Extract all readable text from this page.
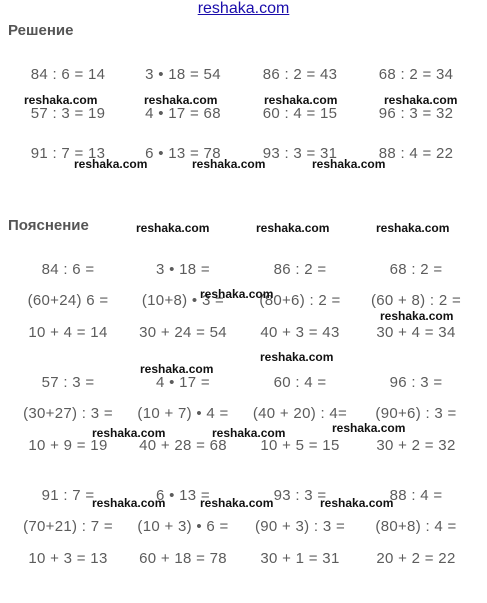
reshaka.com
Решение
Пояснение
84 : 6 = 14	3 • 18 = 54	86 : 2 = 43	68 : 2 = 34
57 : 3 = 19	4 • 17 = 68	60 : 4 = 15	96 : 3 = 32
91 : 7 = 13	6 • 13 = 78	93 : 3 = 31	88 : 4 = 22
84 : 6 =	3 • 18 =	86 : 2 =	68 : 2 =
(60+24) 6 =	(10+8) • 3 =	(80+6) : 2 =	(60 + 8) : 2 =
10 + 4 = 14	30 + 24 = 54	40 + 3 = 43	30 + 4 = 34
57 : 3 =	4 • 17 =	60 : 4 =	96 : 3 =
(30+27) : 3 =	(10 + 7) • 4 =	(40 + 20) : 4=	(90+6) : 3 =
10 + 9 = 19	40 + 28 = 68	10 + 5 = 15	30 + 2 = 32
91 : 7 =	6 • 13 =	93 : 3 =	88 : 4 =
(70+21) : 7 =	(10 + 3) • 6 =	(90 + 3) : 3 =	(80+8) : 4 =
10 + 3 = 13	60 + 18 = 78	30 + 1 = 31	20 + 2 = 22
reshaka.com	reshaka.com	reshaka.com	reshaka.com
reshaka.com	reshaka.com	reshaka.com
reshaka.com	reshaka.com	reshaka.com
reshaka.com
reshaka.com
reshaka.com
reshaka.com
reshaka.com	reshaka.com	reshaka.com
reshaka.com	reshaka.com	reshaka.com
